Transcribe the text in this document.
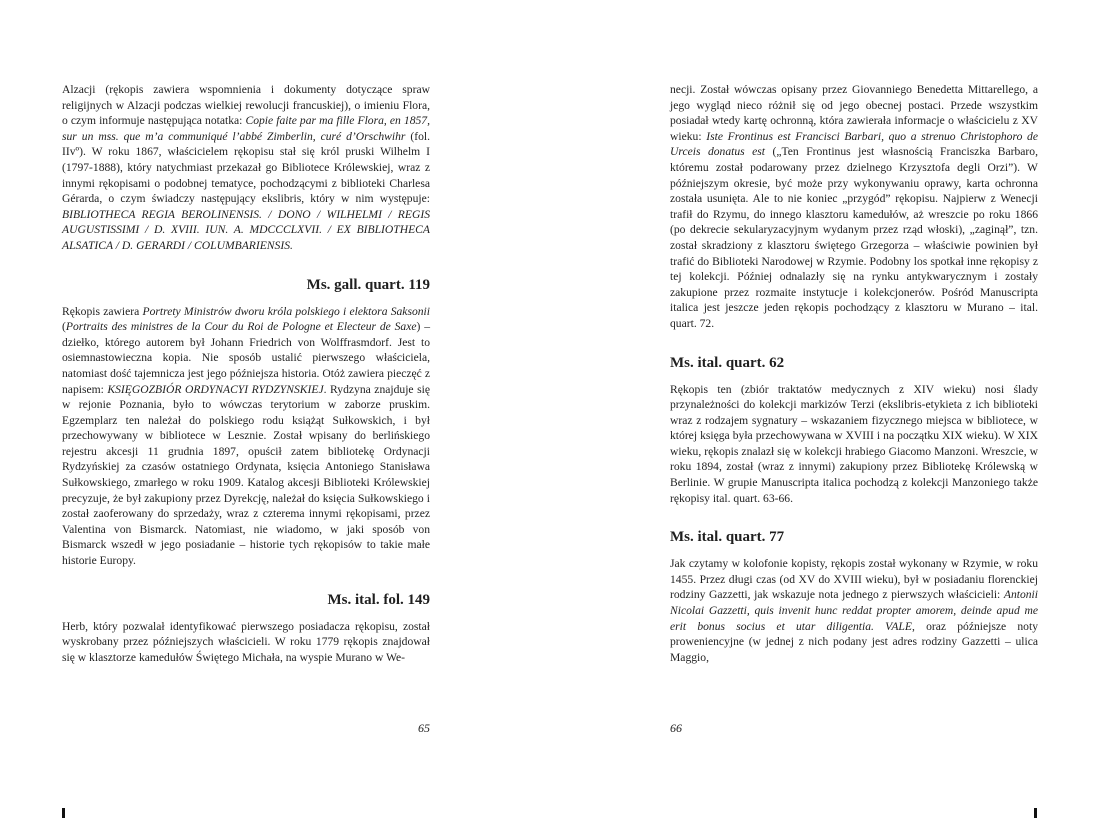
Alzacji (rękopis zawiera wspomnienia i dokumenty dotyczące spraw religijnych w Alzacji podczas wielkiej rewolucji francuskiej), o imieniu Flora, o czym informuje następująca notatka: Copie faite par ma fille Flora, en 1857, sur un mss. que m’a communiqué l’abbé Zimberlin, curé d’Orschwihr (fol. IIvº). W roku 1867, właścicielem rękopisu stał się król pruski Wilhelm I (1797-1888), który natychmiast przekazał go Bibliotece Królewskiej, wraz z innymi rękopisami o podobnej tematyce, pochodzącymi z biblioteki Charlesa Gérarda, o czym świadczy następujący ekslibris, który w nim występuje: BIBLIOTHECA REGIA BEROLINENSIS. / DONO / WILHELMI / REGIS AUGUSTISSIMI / D. XVIII. IUN. A. MDCCCLXVII. / EX BIBLIOTHECA ALSATICA / D. GERARDI / COLUMBARIENSIS.

Ms. gall. quart. 119

Rękopis zawiera Portrety Ministrów dworu króla polskiego i elektora Saksonii (Portraits des ministres de la Cour du Roi de Pologne et Electeur de Saxe) – dziełko, którego autorem był Johann Friedrich von Wolffrasmdorf. Jest to osiemnastowieczna kopia. Nie sposób ustalić pierwszego właściciela, natomiast dość tajemnicza jest jego późniejsza historia. Otóż zawiera pieczęć z napisem: KSIĘGOZBIÓR ORDYNACYI RYDZYNSKIEJ. Rydzyna znajduje się w rejonie Poznania, było to wówczas terytorium w zaborze pruskim. Egzemplarz ten należał do polskiego rodu książąt Sułkowskich, i był przechowywany w bibliotece w Lesznie. Został wpisany do berlińskiego rejestru akcesji 11 grudnia 1897, opuścił zatem bibliotekę Ordynacji Rydzyńskiej za czasów ostatniego Ordynata, księcia Antoniego Stanisława Sułkowskiego, zmarłego w roku 1909. Katalog akcesji Biblioteki Królewskiej precyzuje, że był zakupiony przez Dyrekcję, należał do księcia Sułkowskiego i został zaoferowany do sprzedaży, wraz z czterema innymi rękopisami, przez Valentina von Bismarck. Natomiast, nie wiadomo, w jaki sposób von Bismarck wszedł w jego posiadanie – historie tych rękopisów to takie małe historie Europy.

Ms. ital. fol. 149

Herb, który pozwalał identyfikować pierwszego posiadacza rękopisu, został wyskrobany przez późniejszych właścicieli. W roku 1779 rękopis znajdował się w klasztorze kamedułów Świętego Michała, na wyspie Murano w We-

65

necji. Został wówczas opisany przez Giovanniego Benedetta Mittarellego, a jego wygląd nieco różnił się od jego obecnej postaci. Przede wszystkim posiadał wtedy kartę ochronną, która zawierała informacje o właścicielu z XV wieku: Iste Frontinus est Francisci Barbari, quo a strenuo Christophoro de Urceis donatus est („Ten Frontinus jest własnością Franciszka Barbaro, któremu został podarowany przez dzielnego Krzysztofa degli Orzi”). W późniejszym okresie, być może przy wykonywaniu oprawy, karta ochronna została usunięta. Ale to nie koniec „przygód” rękopisu. Najpierw z Wenecji trafił do Rzymu, do innego klasztoru kamedułów, aż wreszcie po roku 1866 (po dekrecie sekularyzacyjnym wydanym przez rząd włoski), „zaginął”, tzn. został skradziony z klasztoru świętego Grzegorza – właściwie powinien był trafić do Biblioteki Narodowej w Rzymie. Podobny los spotkał inne rękopisy z tej kolekcji. Później odnalazły się na rynku antykwarycznym i zostały zakupione przez rozmaite instytucje i kolekcjonerów. Pośród Manuscripta italica jest jeszcze jeden rękopis pochodzący z klasztoru w Murano – ital. quart. 72.

Ms. ital. quart. 62

Rękopis ten (zbiór traktatów medycznych z XIV wieku) nosi ślady przynależności do kolekcji markizów Terzi (ekslibris-etykieta z ich biblioteki wraz z rodzajem sygnatury – wskazaniem fizycznego miejsca w bibliotece, w której księga była przechowywana w XVIII i na początku XIX wieku). W XIX wieku, rękopis znalazł się w kolekcji hrabiego Giacomo Manzoni. Wreszcie, w roku 1894, został (wraz z innymi) zakupiony przez Bibliotekę Królewską w Berlinie. W grupie Manuscripta italica pochodzą z kolekcji Manzoniego także rękopisy ital. quart. 63-66.

Ms. ital. quart. 77

Jak czytamy w kolofonie kopisty, rękopis został wykonany w Rzymie, w roku 1455. Przez długi czas (od XV do XVIII wieku), był w posiadaniu florenckiej rodziny Gazzetti, jak wskazuje nota jednego z pierwszych właścicieli: Antonii Nicolai Gazzetti, quis invenit hunc reddat propter amorem, deinde apud me erit bonus socius et utar diligentia. VALE, oraz późniejsze noty proweniencyjne (w jednej z nich podany jest adres rodziny Gazzetti – ulica Maggio,

66
